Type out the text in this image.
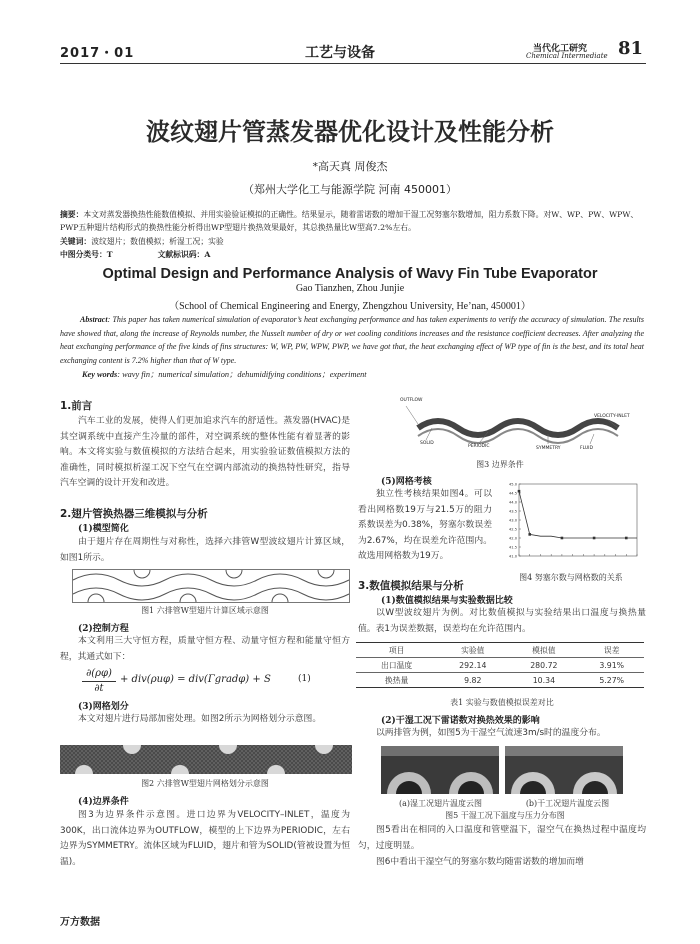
2017・01	工艺与设备	当代化工研究
Chemical Intermediate 81
波纹翅片管蒸发器优化设计及性能分析
*高天真 周俊杰
（郑州大学化工与能源学院 河南 450001）
摘要：本文对蒸发器换热性能数值模拟、并用实验验证模拟的正确性。结果显示，随着雷诺数的增加干湿工况努塞尔数增加，阻力系数下降。对W、WP、PW、WPW、PWP五种翅片结构形式的换热性能分析得出WP型翅片换热效果最好，其总换热量比W型高7.2%左右。
关键词：波纹翅片；数值模拟；析湿工况；实验
中图分类号：T	文献标识码：A
Optimal Design and Performance Analysis of Wavy Fin Tube Evaporator
Gao Tianzhen, Zhou Junjie
（School of Chemical Engineering and Energy, Zhengzhou University, He’nan, 450001）
Abstract: This paper has taken numerical simulation of evaporator’s heat exchanging performance and has taken experiments to verify the accuracy of simulation. The results have showed that, along the increase of Reynolds number, the Nusselt number of dry or wet cooling conditions increases and the resistance coefficient decreases. After analyzing the heat exchanging performance of the five kinds of fins structures: W, WP, PW, WPW, PWP, we have got that, the heat exchanging effect of WP type of fin is the best, and its total heat exchanging content is 7.2% higher than that of W type.
Key words: wavy fin；numerical simulation；dehumidifying conditions；experiment
1.前言
汽车工业的发展，使得人们更加追求汽车的舒适性。蒸发器(HVAC)是其空调系统中直接产生冷量的部件，对空调系统的整体性能有着显著的影响。本文将实验与数值模拟的方法结合起来，用实验验证数值模拟方法的准确性，同时模拟析湿工况下空气在空调内部流动的换热特性研究，指导汽车空调的设计开发和改进。
2.翅片管换热器三维模拟与分析
(1)模型简化
由于翅片存在周期性与对称性，选择六排管W型波纹翅片计算区域，如图1所示。
图1 六排管W型翅片计算区域示意图
(2)控制方程
本文利用三大守恒方程，质量守恒方程、动量守恒方程和能量守恒方程，其通式如下：
∂(ρφ)
∂t
+ div(ρuφ) = div(Γgradφ) + S	(1)
(3)网格划分
本文对翅片进行局部加密处理。如图2所示为网格划分示意图。
图2 六排管W型翅片网格划分示意图
(4)边界条件
图3为边界条件示意图。进口边界为VELOCITY–INLET，温度为300K，出口流体边界为OUTFLOW，模型的上下边界为PERIODIC，左右边界为SYMMETRY。流体区域为FLUID，翅片和管为SOLID(管被设置为恒温)。
OUTFLOW
SOLID
PERIODIC	SYMMETRY
VELOCITY-INLET
FLUID
图3 边界条件
(5)网格考核
独立性考核结果如图4。可以看出网格数19万与21.5万的阻力系数误差为0.38%，努塞尔数误差为2.67%，均在误差允许范围内。故选用网格数为19万。	41.0
41.5
42.0
42.5
43.0
43.5
44.0
44.5
45.0
图4 努塞尔数与网格数的关系
3.数值模拟结果与分析
(1)数值模拟结果与实验数据比较
以W型波纹翅片为例。对比数值模拟与实验结果出口温度与换热量值。表1为误差数据，误差均在允许范围内。
项目	实验值	模拟值	误差
出口温度	292.14	280.72	3.91%
换热量	9.82	10.34	5.27%
表1 实验与数值模拟误差对比
(2)干湿工况下雷诺数对换热效果的影响
以两排管为例，如图5为干湿空气流速3m/s时的温度分布。
(a)湿工况翅片温度云图	(b)干工况翅片温度云图
图5 干湿工况下温度与压力分布图
图5看出在相同的入口温度和管壁温下，湿空气在换热过程中温度均匀，过度明显。
图6中看出干湿空气的努塞尔数均随雷诺数的增加而增
万方数据
